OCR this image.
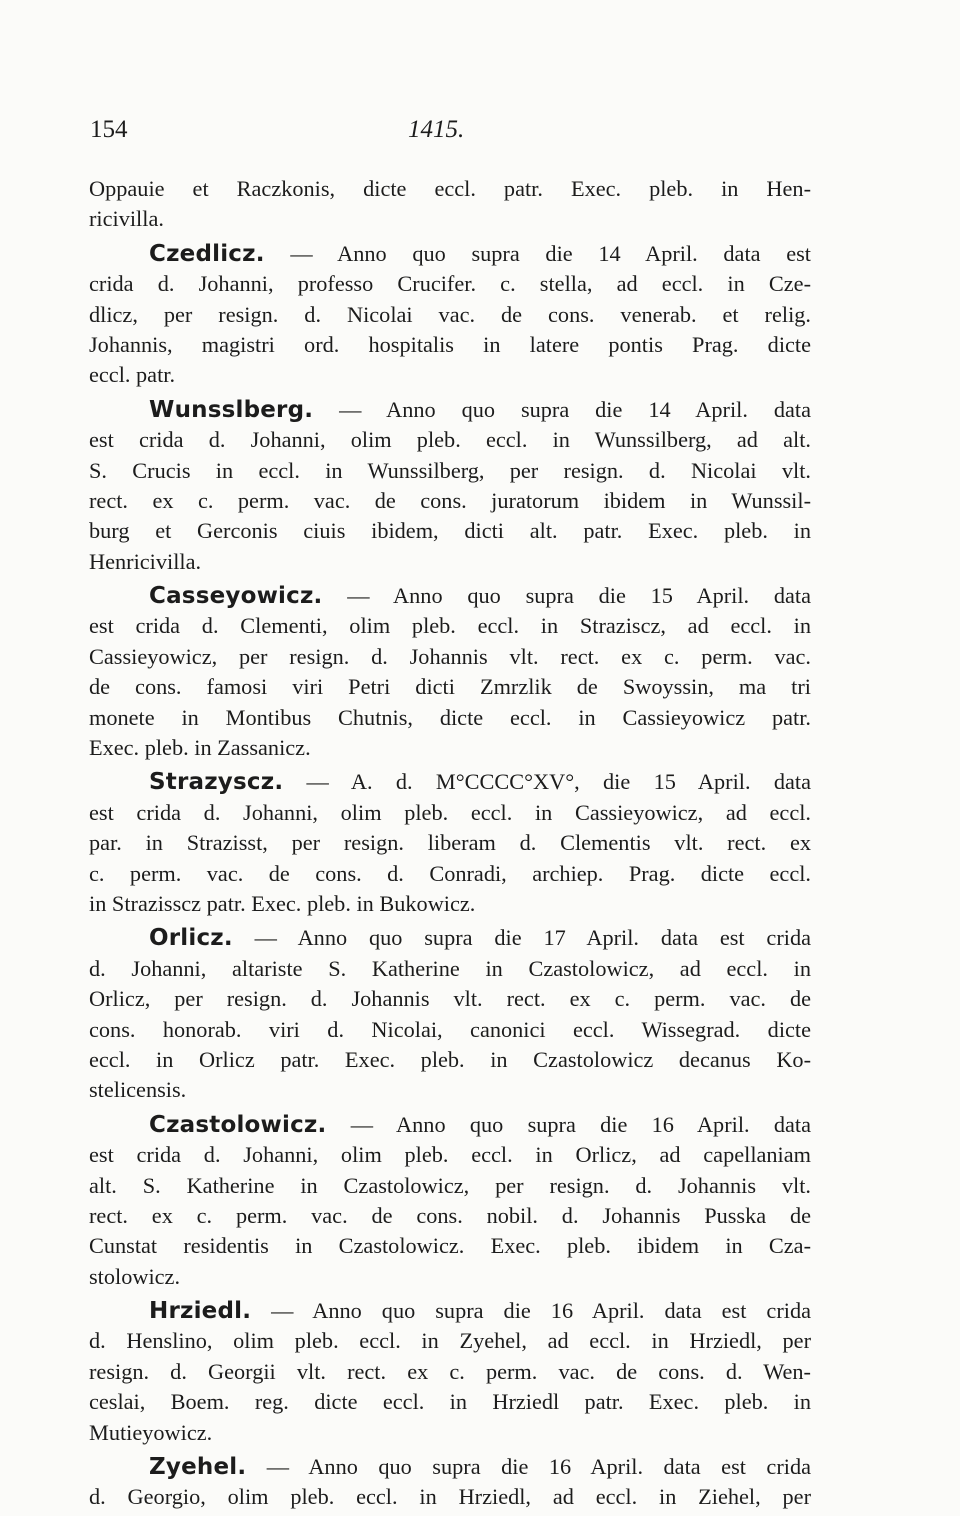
154	1415.
Oppauie et Raczkonis, dicte eccl. patr. Exec. pleb. in Hen-
ricivilla.
Czedlicz. — Anno quo supra die 14 April. data est
crida d. Johanni, professo Crucifer. c. stella, ad eccl. in Cze-
dlicz, per resign. d. Nicolai vac. de cons. venerab. et relig.
Johannis, magistri ord. hospitalis in latere pontis Prag. dicte
eccl. patr.
Wunsslberg. — Anno quo supra die 14 April. data
est crida d. Johanni, olim pleb. eccl. in Wunssilberg, ad alt.
S. Crucis in eccl. in Wunssilberg, per resign. d. Nicolai vlt.
rect. ex c. perm. vac. de cons. juratorum ibidem in Wunssil-
burg et Gerconis ciuis ibidem, dicti alt. patr. Exec. pleb. in
Henricivilla.
Casseyowicz. — Anno quo supra die 15 April. data
est crida d. Clementi, olim pleb. eccl. in Straziscz, ad eccl. in
Cassieyowicz, per resign. d. Johannis vlt. rect. ex c. perm. vac.
de cons. famosi viri Petri dicti Zmrzlik de Swoyssin, ma tri
monete in Montibus Chutnis, dicte eccl. in Cassieyowicz patr.
Exec. pleb. in Zassanicz.
Strazyscz. — A. d. M°CCCC°XV°, die 15 April. data
est crida d. Johanni, olim pleb. eccl. in Cassieyowicz, ad eccl.
par. in Strazisst, per resign. liberam d. Clementis vlt. rect. ex
c. perm. vac. de cons. d. Conradi, archiep. Prag. dicte eccl.
in Strazisscz patr. Exec. pleb. in Bukowicz.
Orlicz. — Anno quo supra die 17 April. data est crida
d. Johanni, altariste S. Katherine in Czastolowicz, ad eccl. in
Orlicz, per resign. d. Johannis vlt. rect. ex c. perm. vac. de
cons. honorab. viri d. Nicolai, canonici eccl. Wissegrad. dicte
eccl. in Orlicz patr. Exec. pleb. in Czastolowicz decanus Ko-
stelicensis.
Czastolowicz. — Anno quo supra die 16 April. data
est crida d. Johanni, olim pleb. eccl. in Orlicz, ad capellaniam
alt. S. Katherine in Czastolowicz, per resign. d. Johannis vlt.
rect. ex c. perm. vac. de cons. nobil. d. Johannis Pusska de
Cunstat residentis in Czastolowicz. Exec. pleb. ibidem in Cza-
stolowicz.
Hrziedl. — Anno quo supra die 16 April. data est crida
d. Henslino, olim pleb. eccl. in Zyehel, ad eccl. in Hrziedl, per
resign. d. Georgii vlt. rect. ex c. perm. vac. de cons. d. Wen-
ceslai, Boem. reg. dicte eccl. in Hrziedl patr. Exec. pleb. in
Mutieyowicz.
Zyehel. — Anno quo supra die 16 April. data est crida
d. Georgio, olim pleb. eccl. in Hrziedl, ad eccl. in Ziehel, per
